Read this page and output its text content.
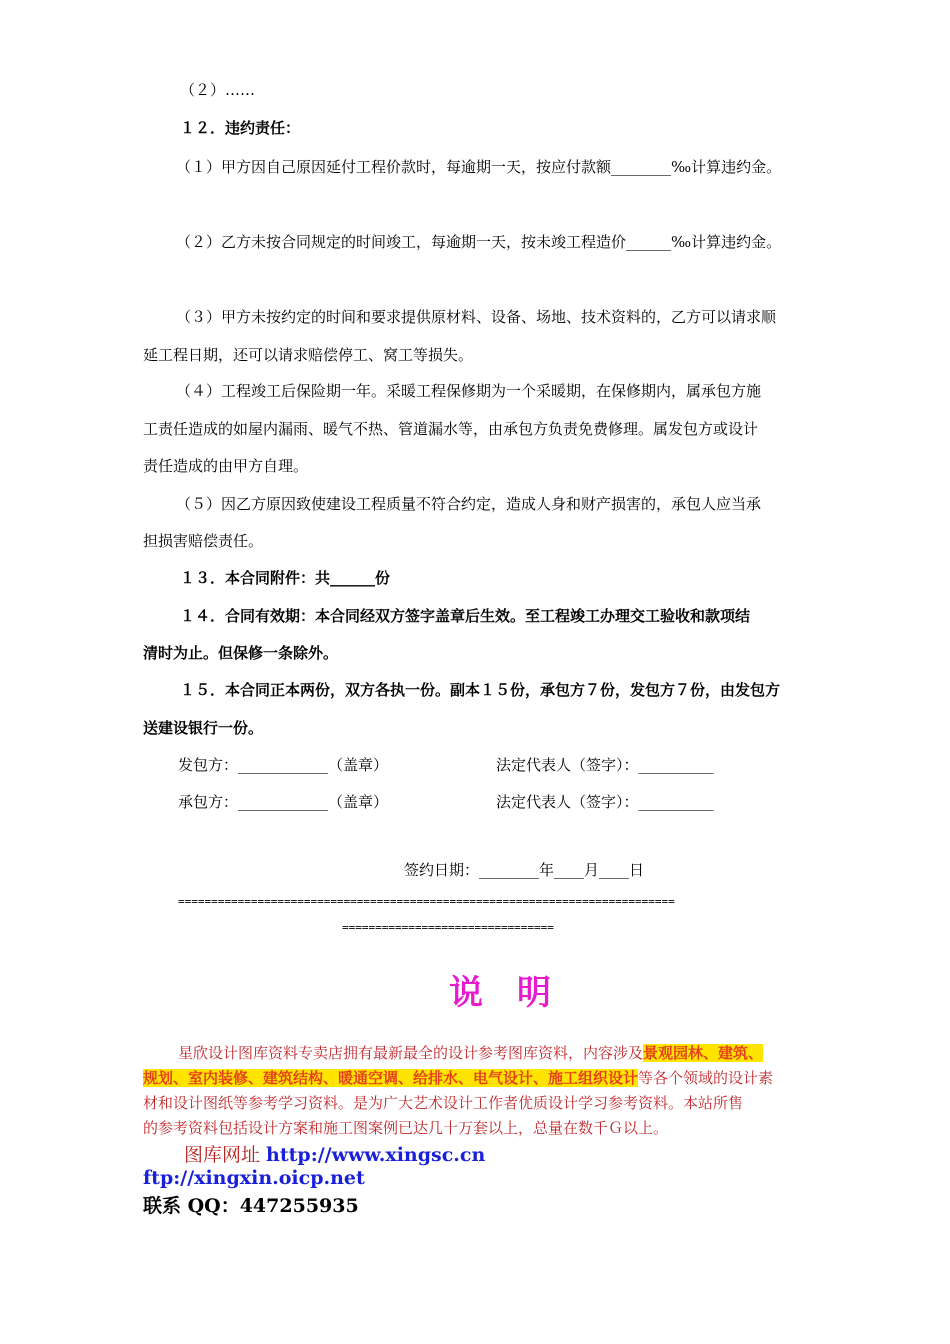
（２）……
１２．违约责任：
（１）甲方因自己原因延付工程价款时，每逾期一天，按应付款额________‰计算违约金。
（２）乙方未按合同规定的时间竣工，每逾期一天，按未竣工程造价______‰计算违约金。
（３）甲方未按约定的时间和要求提供原材料、设备、场地、技术资料的，乙方可以请求顺
延工程日期，还可以请求赔偿停工、窝工等损失。
（４）工程竣工后保险期一年。采暖工程保修期为一个采暖期，在保修期内，属承包方施
工责任造成的如屋内漏雨、暖气不热、管道漏水等，由承包方负责免费修理。属发包方或设计
责任造成的由甲方自理。
（５）因乙方原因致使建设工程质量不符合约定，造成人身和财产损害的，承包人应当承
担损害赔偿责任。
１３．本合同附件：共______份
１４．合同有效期：本合同经双方签字盖章后生效。至工程竣工办理交工验收和款项结
清时为止。但保修一条除外。
１５．本合同正本两份，双方各执一份。副本１５份，承包方７份，发包方７份，由发包方
送建设银行一份。
发包方：____________（盖章）	法定代表人（签字）：__________
承包方：____________（盖章）	法定代表人（签字）：__________
签约日期：________年____月____日
===========================================================================
================================
说　明
星欣设计图库资料专卖店拥有最新最全的设计参考图库资料，内容涉及景观园林、建筑、
规划、室内装修、建筑结构、暖通空调、给排水、电气设计、施工组织设计等各个领域的设计素
材和设计图纸等参考学习资料。是为广大艺术设计工作者优质设计学习参考资料。本站所售
的参考资料包括设计方案和施工图案例已达几十万套以上，总量在数千Ｇ以上。
图库网址 http://www.xingsc.cn
ftp://xingxin.oicp.net
联系 QQ：447255935
